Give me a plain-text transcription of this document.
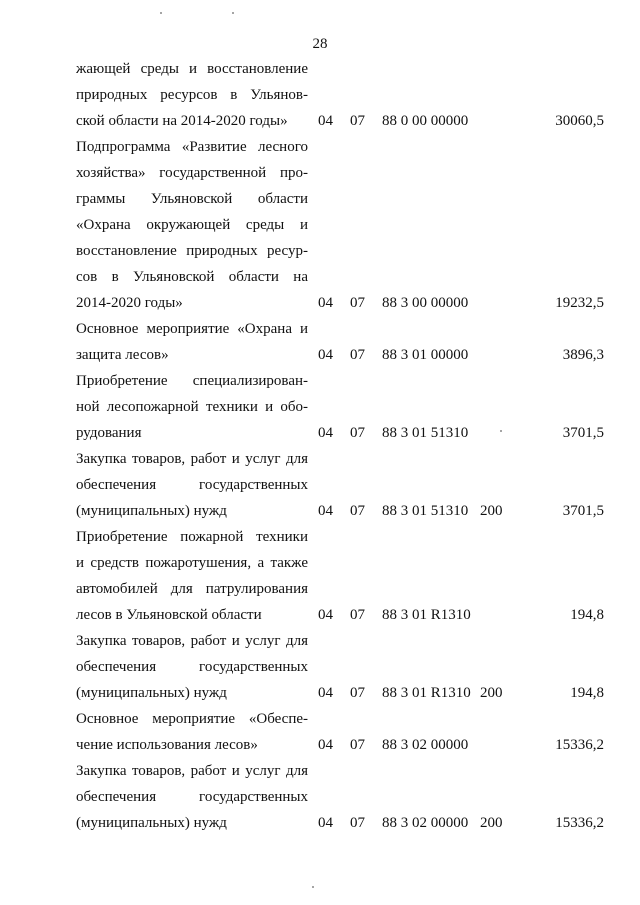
28
жающей среды и восстановление
природных ресурсов в Ульянов-
ской области на 2014-2020 годы»	04	07	88 0 00 00000	30060,5
Подпрограмма «Развитие лесного
хозяйства» государственной про-
граммы Ульяновской области
«Охрана окружающей среды и
восстановление природных ресур-
сов в Ульяновской области на
2014-2020 годы»	04	07	88 3 00 00000	19232,5
Основное мероприятие «Охрана и
защита лесов»	04	07	88 3 01 00000	3896,3
Приобретение специализирован-
ной лесопожарной техники и обо-
рудования	04	07	88 3 01 51310	3701,5
Закупка товаров, работ и услуг для
обеспечения государственных
(муниципальных) нужд	04	07	88 3 01 51310 200	3701,5
Приобретение пожарной техники
и средств пожаротушения, а также
автомобилей для патрулирования
лесов в Ульяновской области	04	07	88 3 01 R1310	194,8
Закупка товаров, работ и услуг для
обеспечения государственных
(муниципальных) нужд	04	07	88 3 01 R1310 200	194,8
Основное мероприятие «Обеспе-
чение использования лесов»	04	07	88 3 02 00000	15336,2
Закупка товаров, работ и услуг для
обеспечения государственных
(муниципальных) нужд	04	07	88 3 02 00000 200	15336,2
